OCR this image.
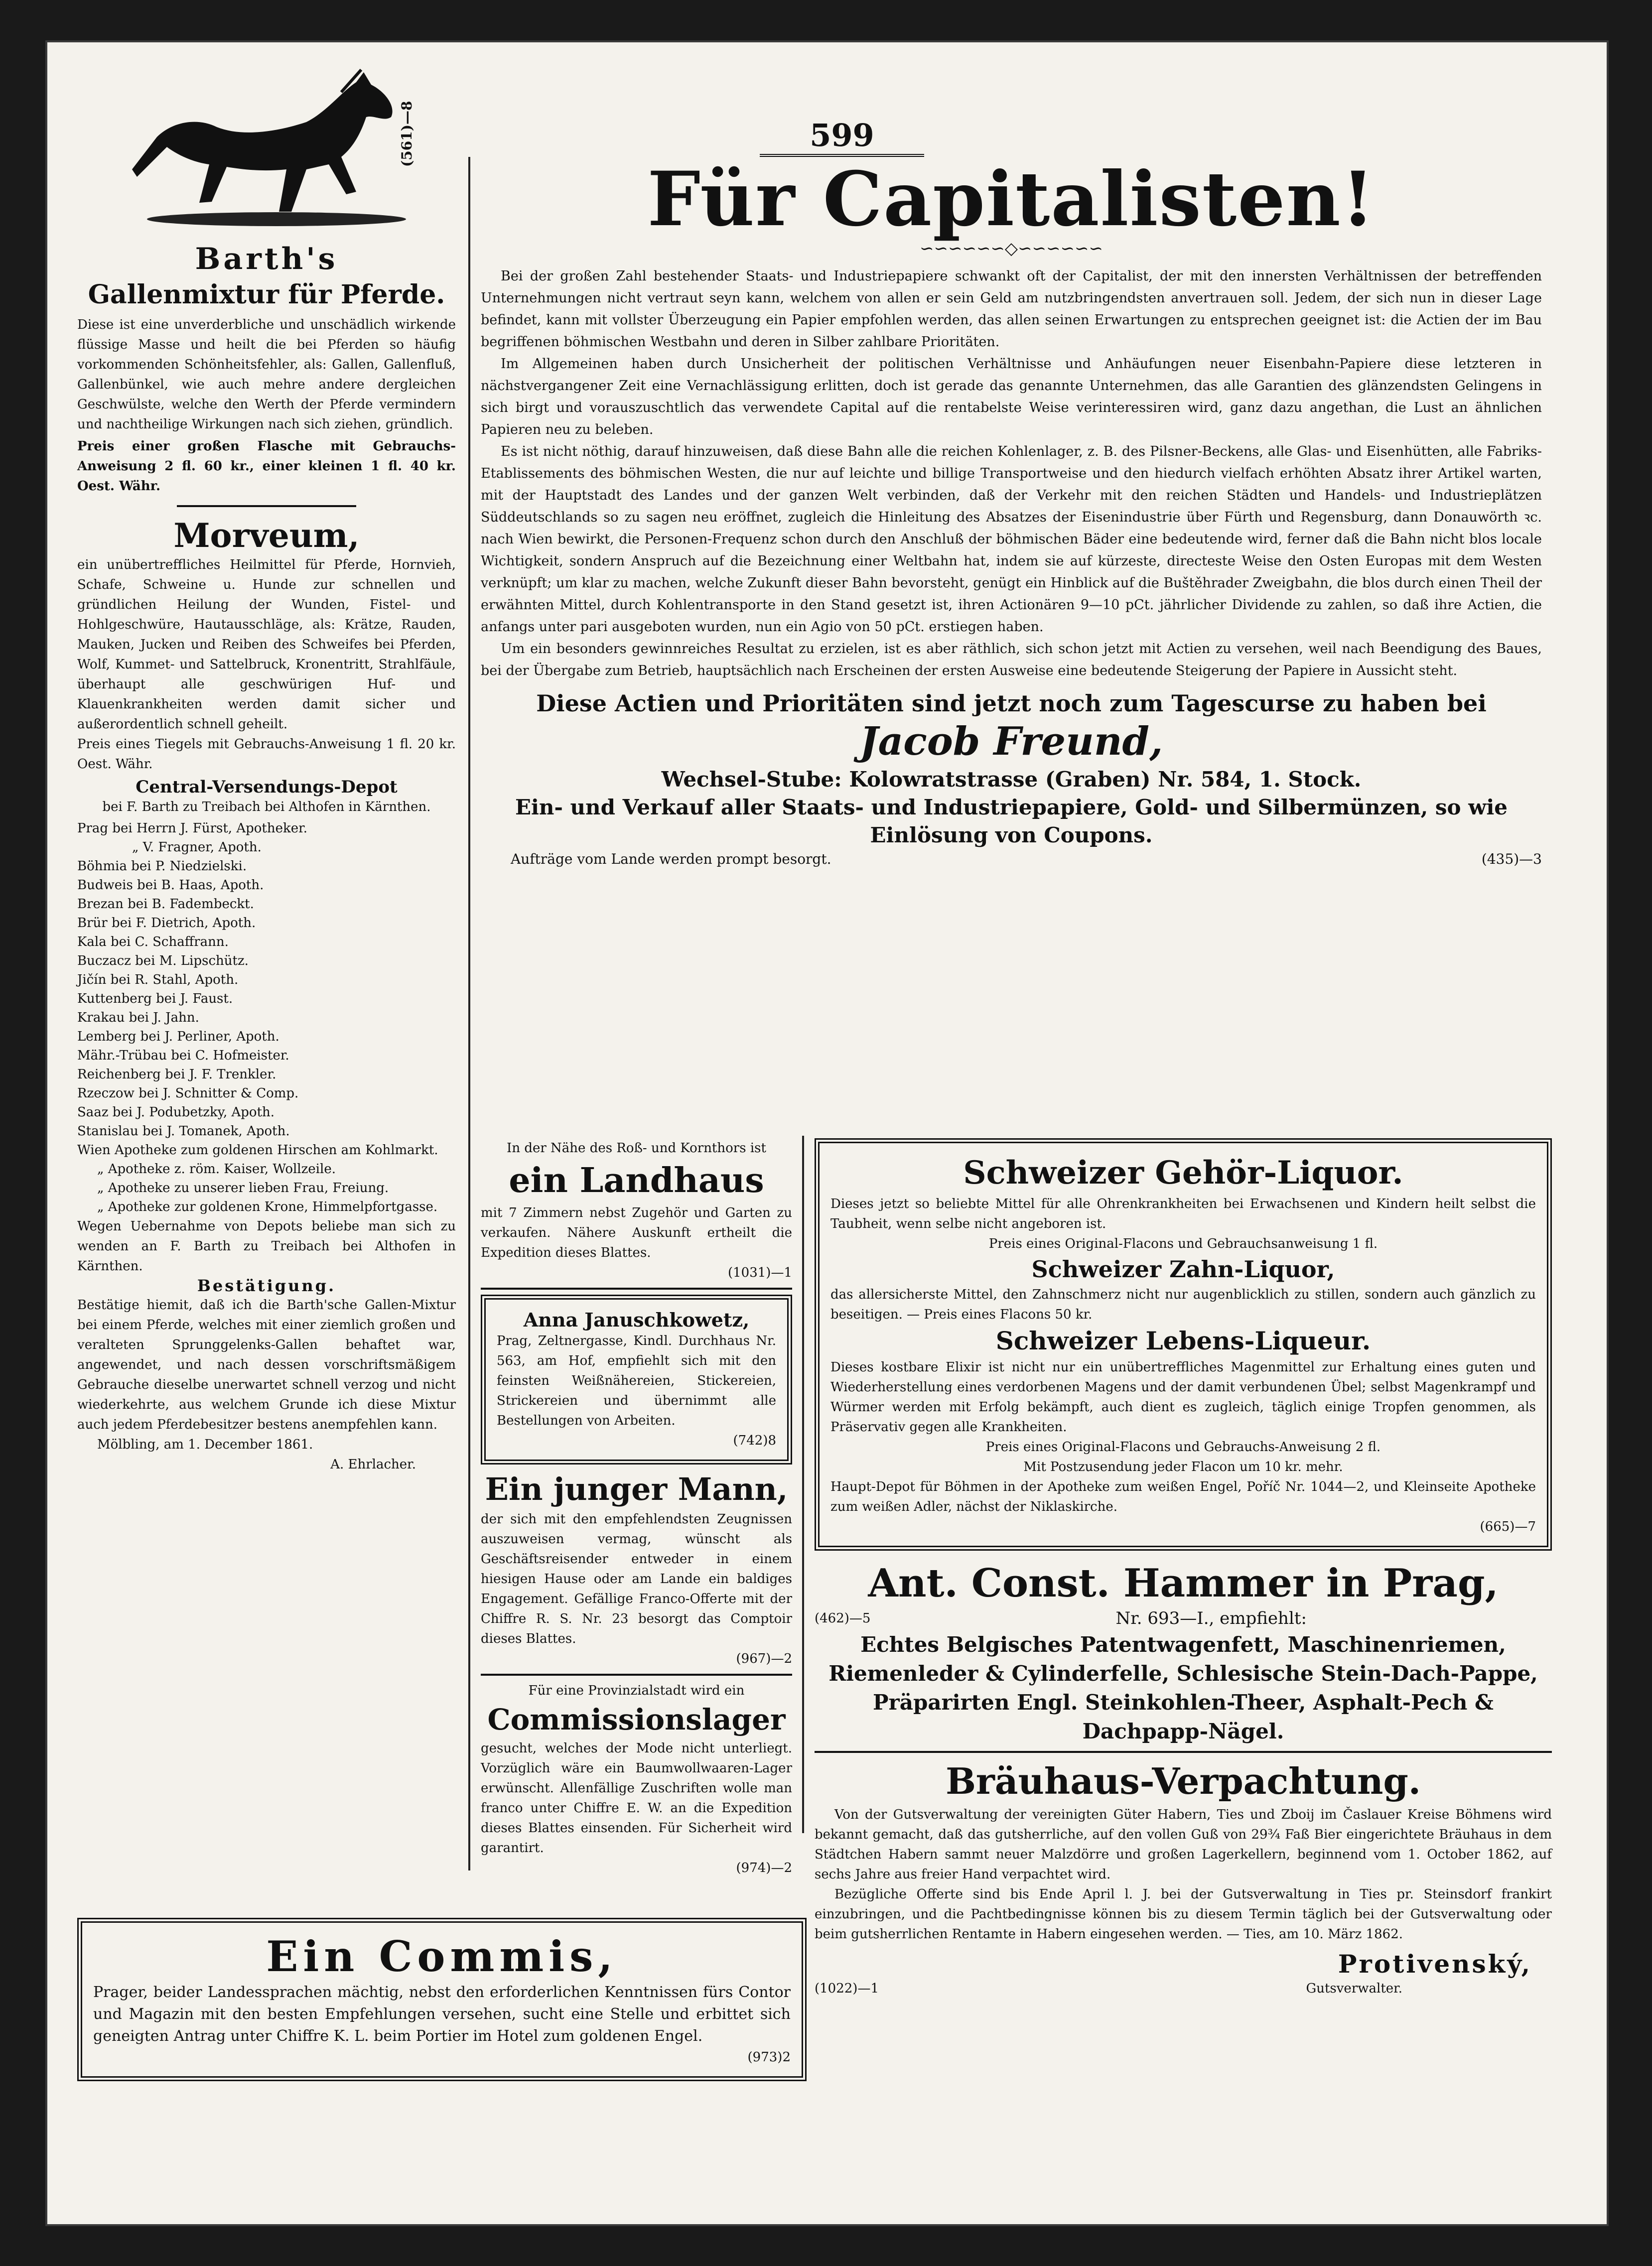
599
(561)—8
Barth's
Gallenmixtur für Pferde.
Diese ist eine unverderbliche und unschädlich wirkende flüssige Masse und heilt die bei Pferden so häufig vorkommenden Schönheitsfehler, als: Gallen, Gallenfluß, Gallenbünkel, wie auch mehre andere dergleichen Geschwülste, welche den Werth der Pferde vermindern und nachtheilige Wirkungen nach sich ziehen, gründlich.
Preis einer großen Flasche mit Gebrauchs-Anweisung 2 fl. 60 kr., einer kleinen 1 fl. 40 kr. Oest. Währ.
Morveum,
ein unübertreffliches Heilmittel für Pferde, Hornvieh, Schafe, Schweine u. Hunde zur schnellen und gründlichen Heilung der Wunden, Fistel- und Hohlgeschwüre, Hautausschläge, als: Krätze, Rauden, Mauken, Jucken und Reiben des Schweifes bei Pferden, Wolf, Kummet- und Sattelbruck, Kronentritt, Strahlfäule, überhaupt alle geschwürigen Huf- und Klauenkrankheiten werden damit sicher und außerordentlich schnell geheilt.
Preis eines Tiegels mit Gebrauchs-Anweisung 1 fl. 20 kr. Oest. Währ.
Central-Versendungs-Depot
bei F. Barth zu Treibach bei Althofen in Kärnthen.
Prag bei Herrn J. Fürst, Apotheker.
„ V. Fragner, Apoth.
Böhmia bei P. Niedzielski.
Budweis bei B. Haas, Apoth.
Brezan bei B. Fadembeckt.
Brür bei F. Dietrich, Apoth.
Kala bei C. Schaffrann.
Buczacz bei M. Lipschütz.
Jičín bei R. Stahl, Apoth.
Kuttenberg bei J. Faust.
Krakau bei J. Jahn.
Lemberg bei J. Perliner, Apoth.
Mähr.-Trübau bei C. Hofmeister.
Reichenberg bei J. F. Trenkler.
Rzeczow bei J. Schnitter & Comp.
Saaz bei J. Podubetzky, Apoth.
Stanislau bei J. Tomanek, Apoth.
Wien Apotheke zum goldenen Hirschen am Kohlmarkt.
„ Apotheke z. röm. Kaiser, Wollzeile.
„ Apotheke zu unserer lieben Frau, Freiung.
„ Apotheke zur goldenen Krone, Himmelpfortgasse.
Wegen Uebernahme von Depots beliebe man sich zu wenden an F. Barth zu Treibach bei Althofen in Kärnthen.
Bestätigung.
Bestätige hiemit, daß ich die Barth'sche Gallen-Mixtur bei einem Pferde, welches mit einer ziemlich großen und veralteten Sprunggelenks-Gallen behaftet war, angewendet, und nach dessen vorschriftsmäßigem Gebrauche dieselbe unerwartet schnell verzog und nicht wiederkehrte, aus welchem Grunde ich diese Mixtur auch jedem Pferdebesitzer bestens anempfehlen kann.
Mölbling, am 1. December 1861.
A. Ehrlacher.
Für Capitalisten!
∽∽∽∽∽∽◇∽∽∽∽∽∽
Bei der großen Zahl bestehender Staats- und Industriepapiere schwankt oft der Capitalist, der mit den innersten Verhältnissen der betreffenden Unternehmungen nicht vertraut seyn kann, welchem von allen er sein Geld am nutzbringendsten anvertrauen soll. Jedem, der sich nun in dieser Lage befindet, kann mit vollster Überzeugung ein Papier empfohlen werden, das allen seinen Erwartungen zu entsprechen geeignet ist: die Actien der im Bau begriffenen böhmischen Westbahn und deren in Silber zahlbare Prioritäten.
Im Allgemeinen haben durch Unsicherheit der politischen Verhältnisse und Anhäufungen neuer Eisenbahn-Papiere diese letzteren in nächstvergangener Zeit eine Vernachlässigung erlitten, doch ist gerade das genannte Unternehmen, das alle Garantien des glänzendsten Gelingens in sich birgt und vorauszuschtlich das verwendete Capital auf die rentabelste Weise verinteressiren wird, ganz dazu angethan, die Lust an ähnlichen Papieren neu zu beleben.
Es ist nicht nöthig, darauf hinzuweisen, daß diese Bahn alle die reichen Kohlenlager, z. B. des Pilsner-Beckens, alle Glas- und Eisenhütten, alle Fabriks-Etablissements des böhmischen Westen, die nur auf leichte und billige Transportweise und den hiedurch vielfach erhöhten Absatz ihrer Artikel warten, mit der Hauptstadt des Landes und der ganzen Welt verbinden, daß der Verkehr mit den reichen Städten und Handels- und Industrieplätzen Süddeutschlands so zu sagen neu eröffnet, zugleich die Hinleitung des Absatzes der Eisenindustrie über Fürth und Regensburg, dann Donauwörth ꝛc. nach Wien bewirkt, die Personen-Frequenz schon durch den Anschluß der böhmischen Bäder eine bedeutende wird, ferner daß die Bahn nicht blos locale Wichtigkeit, sondern Anspruch auf die Bezeichnung einer Weltbahn hat, indem sie auf kürzeste, directeste Weise den Osten Europas mit dem Westen verknüpft; um klar zu machen, welche Zukunft dieser Bahn bevorsteht, genügt ein Hinblick auf die Buštěhrader Zweigbahn, die blos durch einen Theil der erwähnten Mittel, durch Kohlentransporte in den Stand gesetzt ist, ihren Actionären 9—10 pCt. jährlicher Dividende zu zahlen, so daß ihre Actien, die anfangs unter pari ausgeboten wurden, nun ein Agio von 50 pCt. erstiegen haben.
Um ein besonders gewinnreiches Resultat zu erzielen, ist es aber räthlich, sich schon jetzt mit Actien zu versehen, weil nach Beendigung des Baues, bei der Übergabe zum Betrieb, hauptsächlich nach Erscheinen der ersten Ausweise eine bedeutende Steigerung der Papiere in Aussicht steht.
Diese Actien und Prioritäten sind jetzt noch zum Tagescurse zu haben bei
Jacob Freund,
Wechsel-Stube: Kolowratstrasse (Graben) Nr. 584, 1. Stock.
Ein- und Verkauf aller Staats- und Industriepapiere, Gold- und Silbermünzen, so wie Einlösung von Coupons.
Aufträge vom Lande werden prompt besorgt.	(435)—3
In der Nähe des Roß- und Kornthors ist
ein Landhaus
mit 7 Zimmern nebst Zugehör und Garten zu verkaufen. Nähere Auskunft ertheilt die Expedition dieses Blattes.
(1031)—1
Anna Januschkowetz,
Prag, Zeltnergasse, Kindl. Durchhaus Nr. 563, am Hof, empfiehlt sich mit den feinsten Weißnähereien, Stickereien, Strickereien und übernimmt alle Bestellungen von Arbeiten.
(742)8
Ein junger Mann,
der sich mit den empfehlendsten Zeugnissen auszuweisen vermag, wünscht als Geschäftsreisender entweder in einem hiesigen Hause oder am Lande ein baldiges Engagement. Gefällige Franco-Offerte mit der Chiffre R. S. Nr. 23 besorgt das Comptoir dieses Blattes.
(967)—2
Für eine Provinzialstadt wird ein
Commissionslager
gesucht, welches der Mode nicht unterliegt. Vorzüglich wäre ein Baumwollwaaren-Lager erwünscht. Allenfällige Zuschriften wolle man franco unter Chiffre E. W. an die Expedition dieses Blattes einsenden. Für Sicherheit wird garantirt.
(974)—2
Schweizer Gehör-Liquor.
Dieses jetzt so beliebte Mittel für alle Ohrenkrankheiten bei Erwachsenen und Kindern heilt selbst die Taubheit, wenn selbe nicht angeboren ist.
Preis eines Original-Flacons und Gebrauchsanweisung 1 fl.
Schweizer Zahn-Liquor,
das allersicherste Mittel, den Zahnschmerz nicht nur augenblicklich zu stillen, sondern auch gänzlich zu beseitigen. — Preis eines Flacons 50 kr.
Schweizer Lebens-Liqueur.
Dieses kostbare Elixir ist nicht nur ein unübertreffliches Magenmittel zur Erhaltung eines guten und Wiederherstellung eines verdorbenen Magens und der damit verbundenen Übel; selbst Magenkrampf und Würmer werden mit Erfolg bekämpft, auch dient es zugleich, täglich einige Tropfen genommen, als Präservativ gegen alle Krankheiten.
Preis eines Original-Flacons und Gebrauchs-Anweisung 2 fl.
Mit Postzusendung jeder Flacon um 10 kr. mehr.
Haupt-Depot für Böhmen in der Apotheke zum weißen Engel, Poříč Nr. 1044—2, und Kleinseite Apotheke zum weißen Adler, nächst der Niklaskirche.
(665)—7
Ant. Const. Hammer in Prag,
(462)—5	Nr. 693—I., empfiehlt:
Echtes Belgisches Patentwagenfett, Maschinenriemen, Riemenleder & Cylinderfelle, Schlesische Stein-Dach-Pappe, Präparirten Engl. Steinkohlen-Theer, Asphalt-Pech & Dachpapp-Nägel.
Bräuhaus-Verpachtung.
Von der Gutsverwaltung der vereinigten Güter Habern, Ties und Zboij im Časlauer Kreise Böhmens wird bekannt gemacht, daß das gutsherrliche, auf den vollen Guß von 29¾ Faß Bier eingerichtete Bräuhaus in dem Städtchen Habern sammt neuer Malzdörre und großen Lagerkellern, beginnend vom 1. October 1862, auf sechs Jahre aus freier Hand verpachtet wird.
Bezügliche Offerte sind bis Ende April l. J. bei der Gutsverwaltung in Ties pr. Steinsdorf frankirt einzubringen, und die Pachtbedingnisse können bis zu diesem Termin täglich bei der Gutsverwaltung oder beim gutsherrlichen Rentamte in Habern eingesehen werden. — Ties, am 10. März 1862.
Protivenský,
(1022)—1	Gutsverwalter.
Ein Commis,
Prager, beider Landessprachen mächtig, nebst den erforderlichen Kenntnissen fürs Contor und Magazin mit den besten Empfehlungen versehen, sucht eine Stelle und erbittet sich geneigten Antrag unter Chiffre K. L. beim Portier im Hotel zum goldenen Engel.
(973)2
